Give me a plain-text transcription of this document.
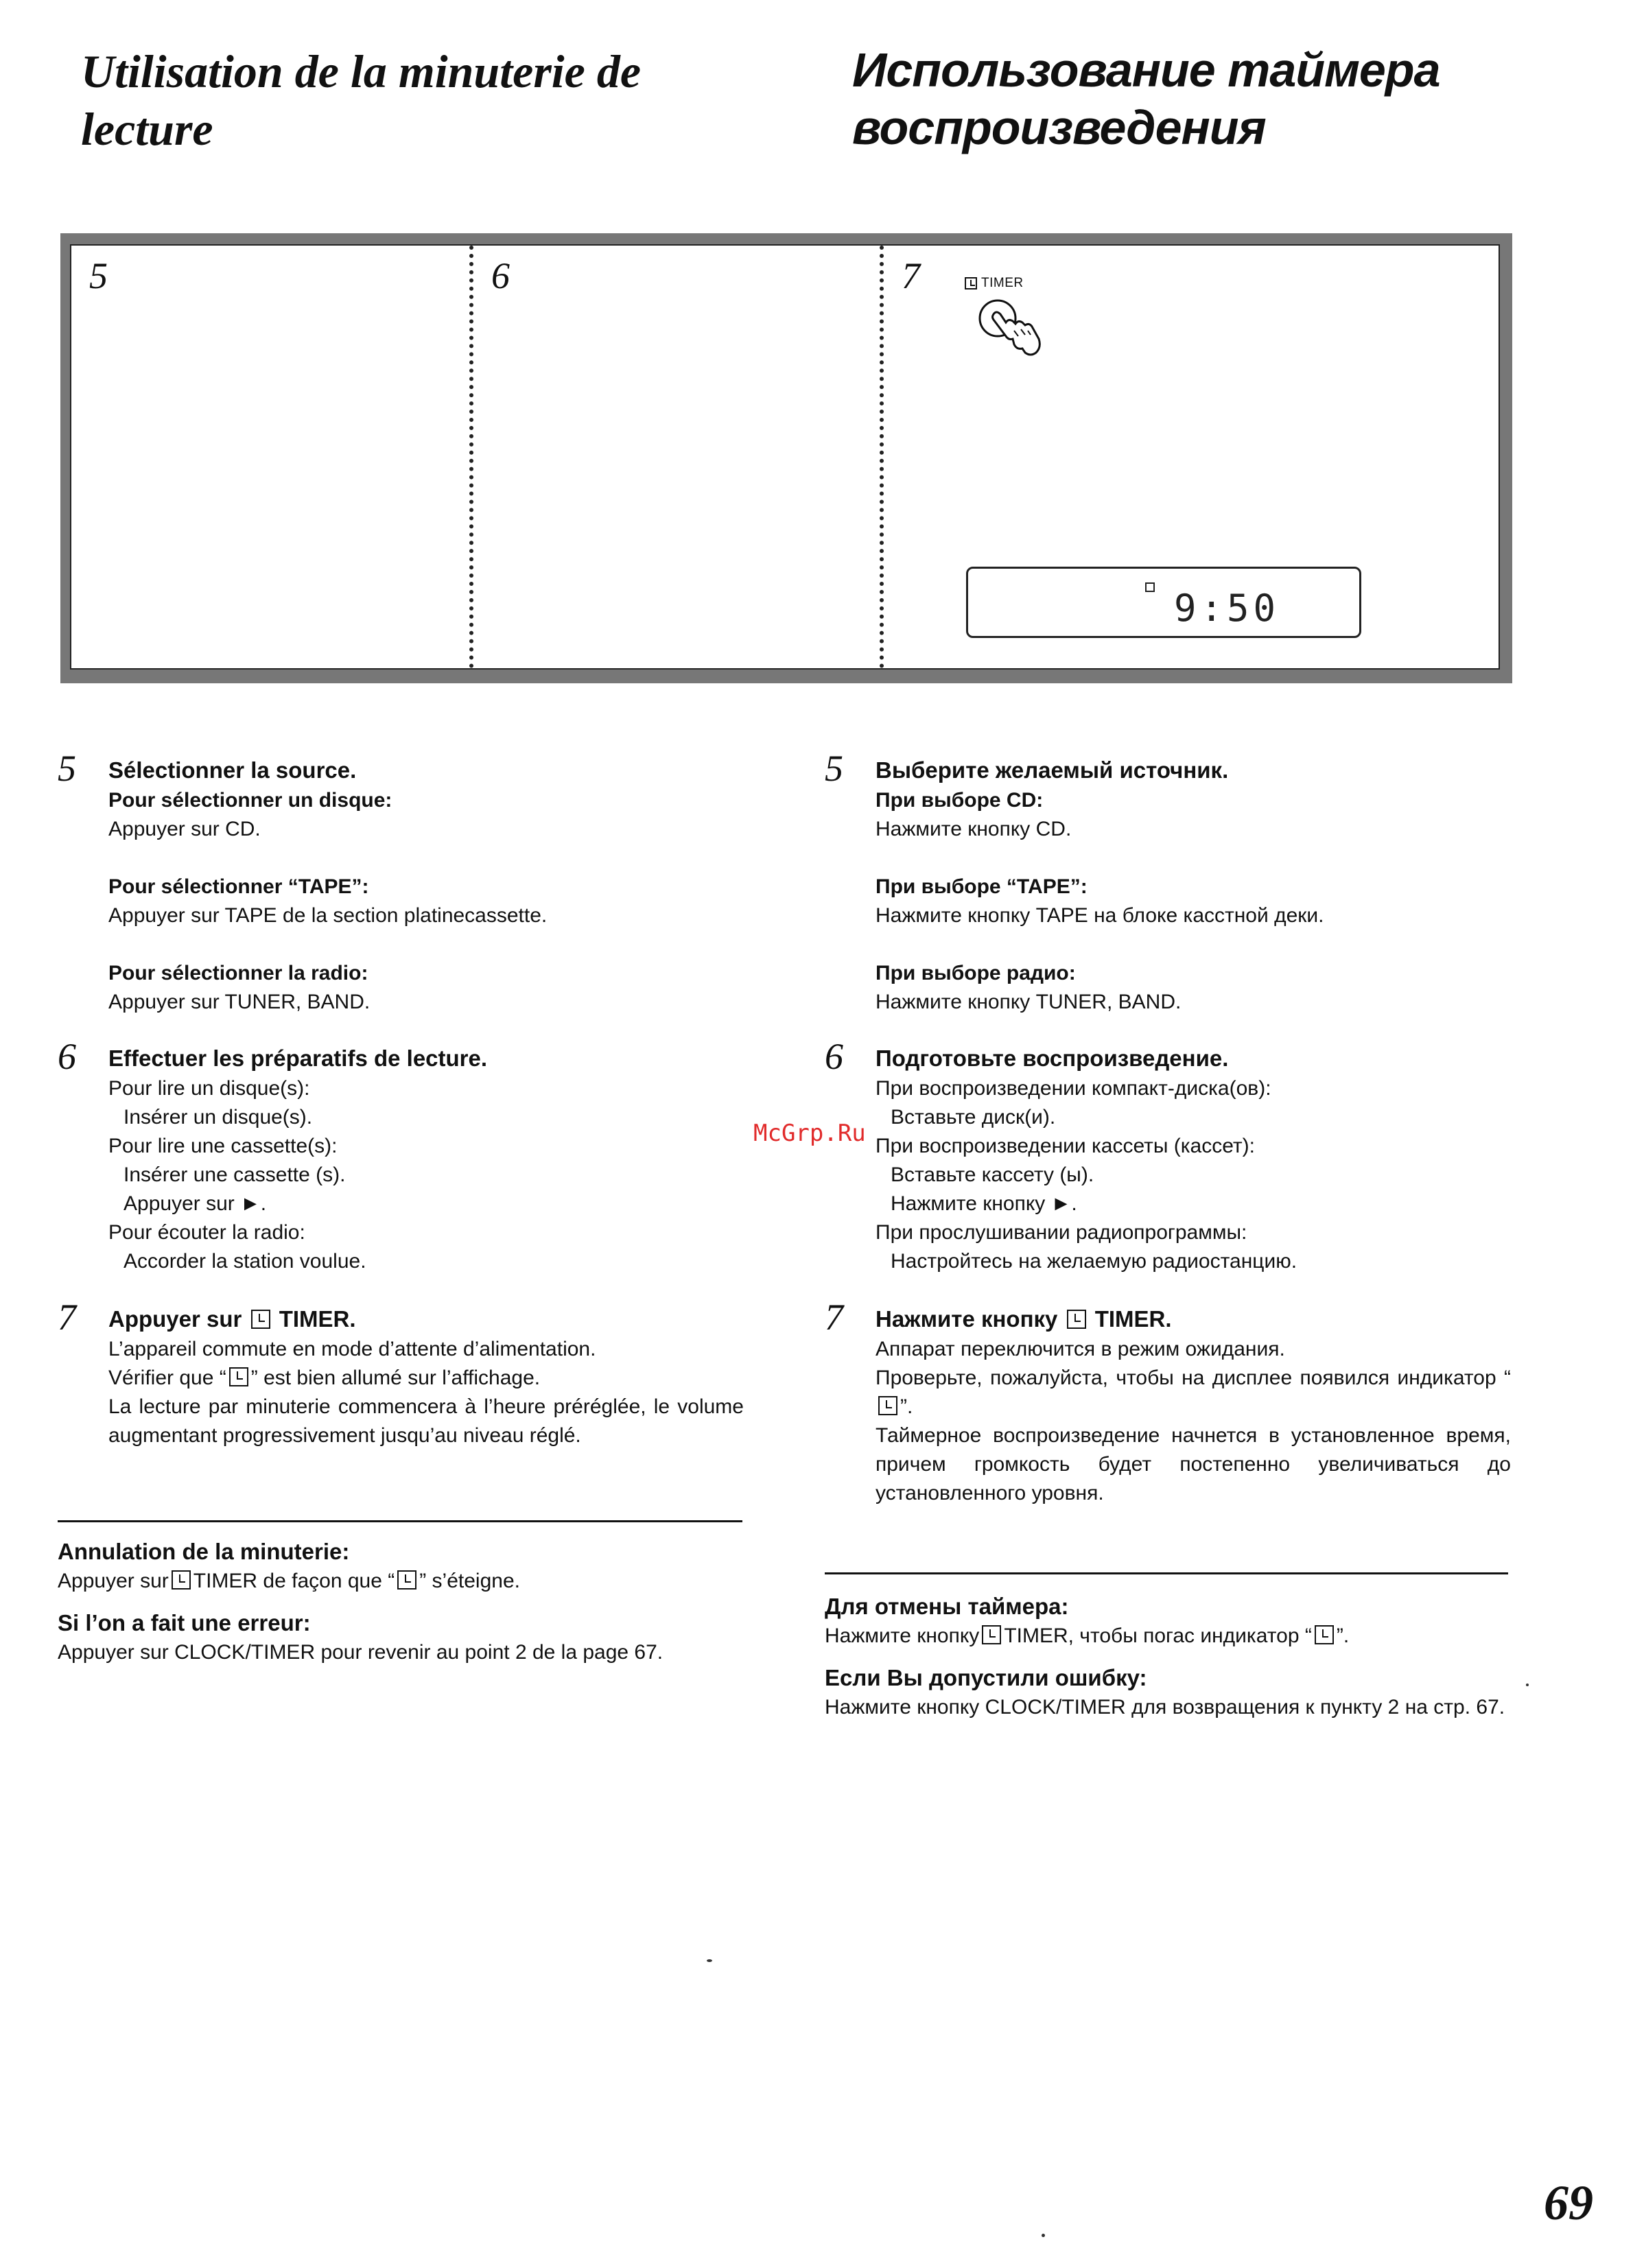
Utilisation de la minuterie de
lecture
Использование таймера
воспроизведения
5	6	7	TIMER
9:50
5 Sélectionner la source.
Pour sélectionner un disque:
Appuyer sur CD.
Pour sélectionner “TAPE”:
Appuyer sur TAPE de la section platinecassette.
Pour sélectionner la radio:
Appuyer sur TUNER, BAND.
6 Effectuer les préparatifs de lecture.
Pour lire un disque(s):
Insérer un disque(s).
Pour lire une cassette(s):
Insérer une cassette (s).
Appuyer sur ►.
Pour écouter la radio:
Accorder la station voulue.
7 Appuyer sur TIMER.
L’appareil commute en mode d’attente d’alimentation.
Vérifier que “ ” est bien allumé sur l’affichage.
La lecture par minuterie commencera à l’heure préréglée, le volume augmentant progressivement jusqu’au niveau réglé.
Annulation de la minuterie:
Appuyer sur TIMER de façon que “ ” s’éteigne.
Si l’on a fait une erreur:
Appuyer sur CLOCK/TIMER pour revenir au point 2 de la page 67.
5 Выберите желаемый источник.
При выборе CD:
Нажмите кнопку CD.
При выборе “TAPE”:
Нажмите кнопку TAPE на блоке касстной деки.
При выборе радио:
Нажмите кнопку TUNER, BAND.
6 Подготовьте воспроизведение.
При воспроизведении компакт-диска(ов):
Вставьте диск(и).
При воспроизведении кассеты (кассет):
Вставьте кассету (ы).
Нажмите кнопку ►.
При прослушивании радиопрограммы:
Настройтесь на желаемую радиостанцию.
7 Нажмите кнопку TIMER.
Аппарат переключится в режим ожидания.
Проверьте, пожалуйста, чтобы на дисплее появился индикатор “”.
Таймерное воспроизведение начнется в установленное время, причем громкость будет постепенно увеличиваться до установленного уровня.
Для отмены таймера:
Нажмите кнопку TIMER, чтобы погас индикатор “ ”.
Если Вы допустили ошибку:
Нажмите кнопку CLOCK/TIMER для возвращения к пункту 2 на стр. 67.
McGrp.Ru
69
